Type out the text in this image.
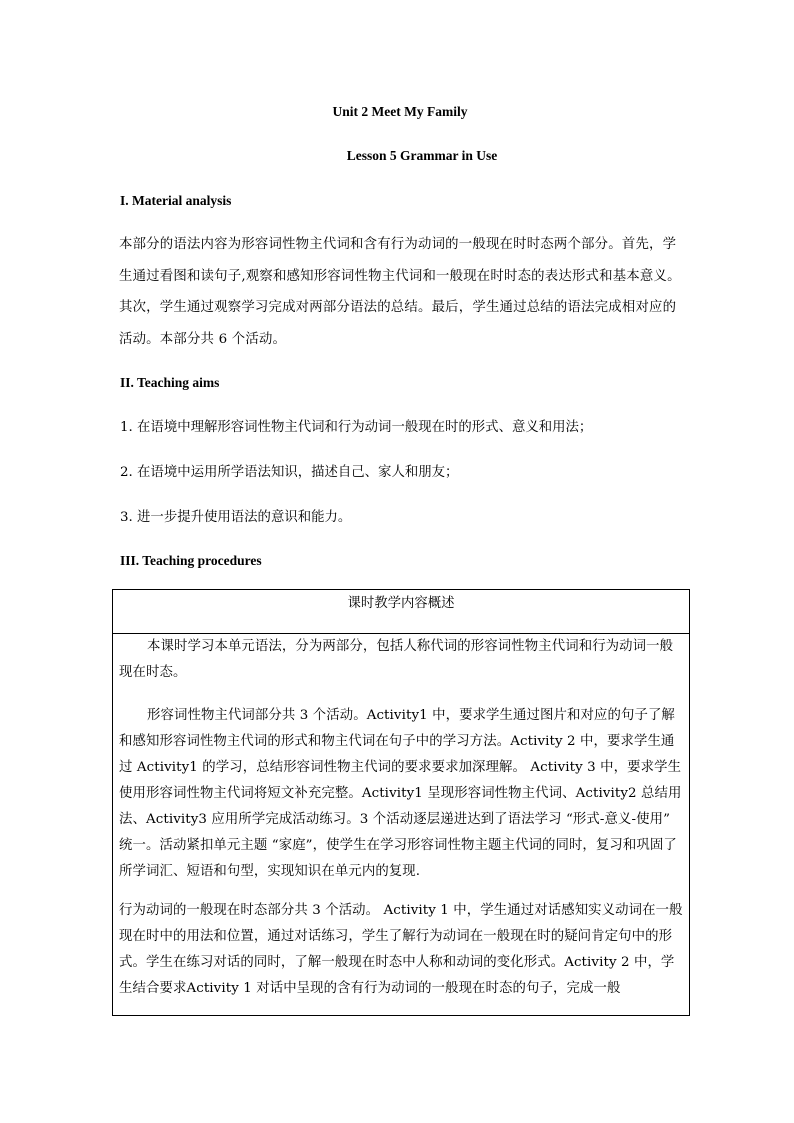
Unit 2 Meet My Family
Lesson 5 Grammar in Use
I. Material analysis
本部分的语法内容为形容词性物主代词和含有行为动词的一般现在时时态两个部分。首先，学生通过看图和读句子,观察和感知形容词性物主代词和一般现在时时态的表达形式和基本意义。其次，学生通过观察学习完成对两部分语法的总结。最后，学生通过总结的语法完成相对应的活动。本部分共 6 个活动。
II. Teaching aims
1. 在语境中理解形容词性物主代词和行为动词一般现在时的形式、意义和用法；
2. 在语境中运用所学语法知识，描述自己、家人和朋友；
3. 进一步提升使用语法的意识和能力。
III. Teaching procedures
课时教学内容概述

本课时学习本单元语法，分为两部分，包括人称代词的形容词性物主代词和行为动词一般现在时态。

形容词性物主代词部分共 3 个活动。Activity1 中，要求学生通过图片和对应的句子了解和感知形容词性物主代词的形式和物主代词在句子中的学习方法。Activity 2 中，要求学生通过 Activity1 的学习，总结形容词性物主代词的要求要求加深理解。 Activity 3 中，要求学生使用形容词性物主代词将短文补充完整。Activity1 呈现形容词性物主代词、Activity2 总结用法、Activity3 应用所学完成活动练习。3 个活动逐层递进达到了语法学习 “形式-意义-使用” 统一。活动紧扣单元主题 “家庭”，使学生在学习形容词性物主题主代词的同时，复习和巩固了所学词汇、短语和句型，实现知识在单元内的复现.

行为动词的一般现在时态部分共 3 个活动。 Activity 1 中，学生通过对话感知实义动词在一般现在时中的用法和位置，通过对话练习，学生了解行为动词在一般现在时的疑问肯定句中的形式。学生在练习对话的同时，了解一般现在时态中人称和动词的变化形式。Activity 2 中，学生结合要求Activity 1 对话中呈现的含有行为动词的一般现在时态的句子，完成一般
